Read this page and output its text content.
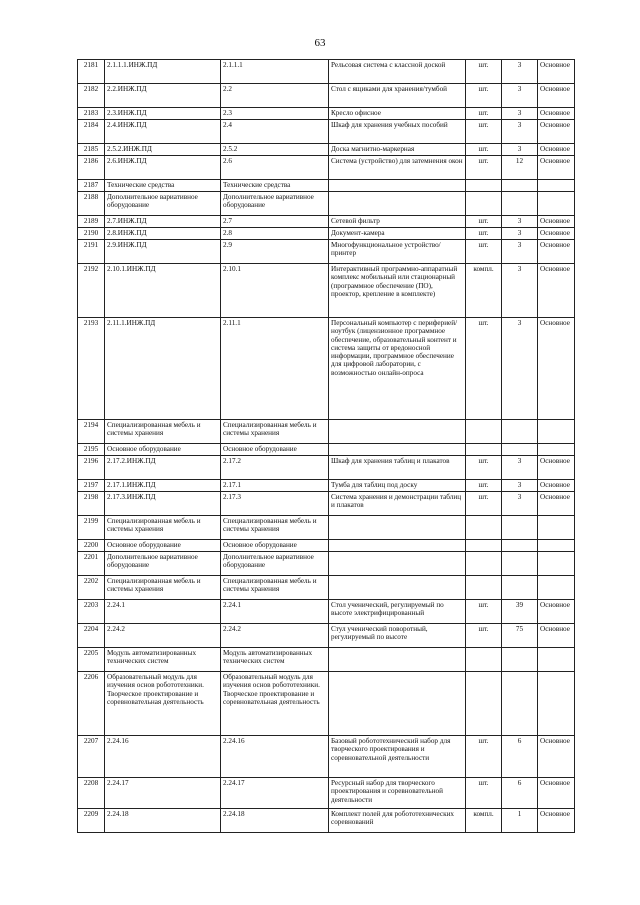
63
2181	2.1.1.1.ИНЖ.ПД	2.1.1.1	Рельсовая система с классной доской	шт.	3	Основное
2182	2.2.ИНЖ.ПД	2.2	Стол с ящиками для хранения/тумбой	шт.	3	Основное
2183	2.3.ИНЖ.ПД	2.3	Кресло офисное	шт.	3	Основное
2184	2.4.ИНЖ.ПД	2.4	Шкаф для хранения учебных пособий	шт.	3	Основное
2185	2.5.2.ИНЖ.ПД	2.5.2	Доска магнитно-маркерная	шт.	3	Основное
2186	2.6.ИНЖ.ПД	2.6	Система (устройство) для затемнения окон	шт.	12	Основное
2187	Технические средства	Технические средства				
2188	Дополнительное вариативное оборудование	Дополнительное вариативное оборудование				
2189	2.7.ИНЖ.ПД	2.7	Сетевой фильтр	шт.	3	Основное
2190	2.8.ИНЖ.ПД	2.8	Документ-камера	шт.	3	Основное
2191	2.9.ИНЖ.ПД	2.9	Многофункциональное устройство/принтер	шт.	3	Основное
2192	2.10.1.ИНЖ.ПД	2.10.1	Интерактивный программно-аппаратный комплекс мобильный или стационарный (программное обеспечение (ПО), проектор, крепление в комплекте)	компл.	3	Основное
2193	2.11.1.ИНЖ.ПД	2.11.1	Персональный компьютер с периферией/ноутбук (лицензионное программное обеспечение, образовательный контент и система защиты от вредоносной информации, программное обеспечение для цифровой лаборатории, с возможностью онлайн-опроса	шт.	3	Основное
2194	Специализированная мебель и системы хранения	Специализированная мебель и системы хранения				
2195	Основное оборудование	Основное оборудование				
2196	2.17.2.ИНЖ.ПД	2.17.2	Шкаф для хранения таблиц и плакатов	шт.	3	Основное
2197	2.17.1.ИНЖ.ПД	2.17.1	Тумба для таблиц под доску	шт.	3	Основное
2198	2.17.3.ИНЖ.ПД	2.17.3	Система хранения и демонстрации таблиц и плакатов	шт.	3	Основное
2199	Специализированная мебель и системы хранения	Специализированная мебель и системы хранения				
2200	Основное оборудование	Основное оборудование				
2201	Дополнительное вариативное оборудование	Дополнительное вариативное оборудование				
2202	Специализированная мебель и системы хранения	Специализированная мебель и системы хранения				
2203	2.24.1	2.24.1	Стол ученический, регулируемый по высоте электрифицированный	шт.	39	Основное
2204	2.24.2	2.24.2	Стул ученический поворотный, регулируемый по высоте	шт.	75	Основное
2205	Модуль автоматизированных технических систем	Модуль автоматизированных технических систем				
2206	Образовательный модуль для изучения основ робототехники. Творческое проектирование и соревновательная деятельность	Образовательный модуль для изучения основ робототехники. Творческое проектирование и соревновательная деятельность				
2207	2.24.16	2.24.16	Базовый робототехнический набор для творческого проектирования и соревновательной деятельности	шт.	6	Основное
2208	2.24.17	2.24.17	Ресурсный набор для творческого проектирования и соревновательной деятельности	шт.	6	Основное
2209	2.24.18	2.24.18	Комплект полей для робототехнических соревнований	компл.	1	Основное
